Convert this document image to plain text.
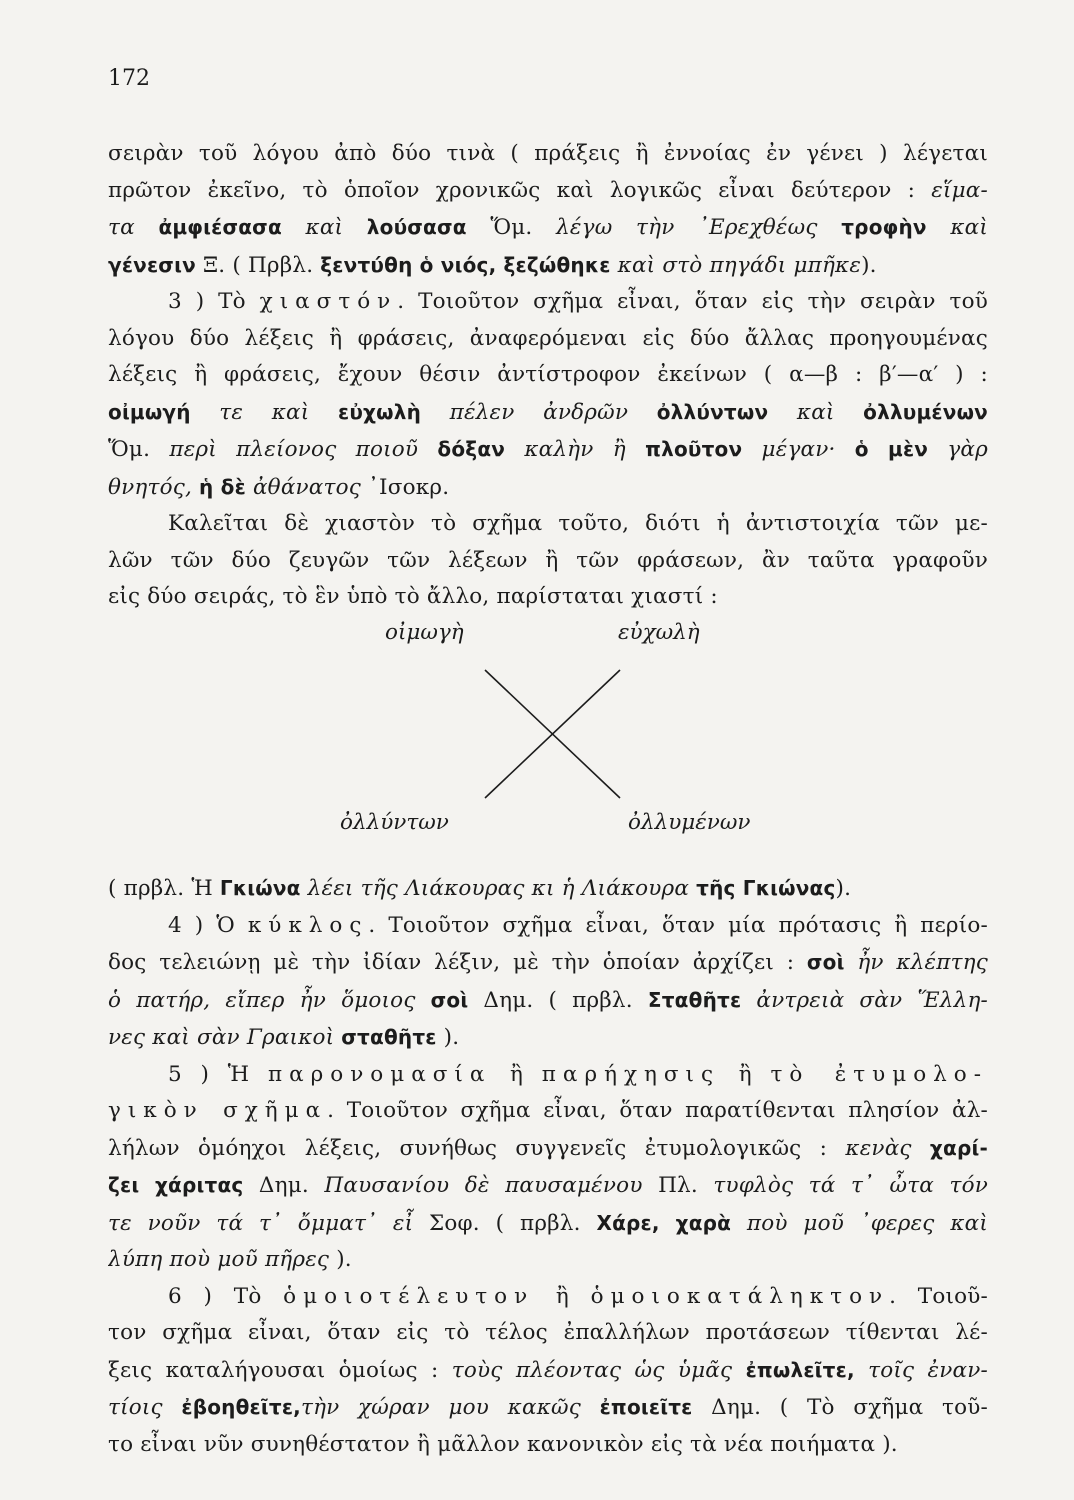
172
σειρὰν τοῦ λόγου ἀπὸ δύο τινὰ ( πράξεις ἢ ἐννοίας ἐν γένει ) λέγεται
πρῶτον ἐκεῖνο, τὸ ὁποῖον χρονικῶς καὶ λογικῶς εἶναι δεύτερον : εἵμα-
τα ἀμφιέσασα καὶ λούσασα Ὅμ. λέγω τὴν ᾿Ερεχθέως τροφὴν καὶ
γένεσιν Ξ. ( Πρβλ. ξεντύθη ὁ νιός, ξεζώθηκε καὶ στὸ πηγάδι μπῆκε).
3 ) Τὸ χιαστόν. Τοιοῦτον σχῆμα εἶναι, ὅταν εἰς τὴν σειρὰν τοῦ
λόγου δύο λέξεις ἢ φράσεις, ἀναφερόμεναι εἰς δύο ἄλλας προηγουμένας
λέξεις ἢ φράσεις, ἔχουν θέσιν ἀντίστροφον ἐκείνων ( α—β : β′—α′ ) :
οἰμωγή τε καὶ εὐχωλὴ πέλεν ἀνδρῶν ὀλλύντων καὶ ὀλλυμένων
Ὅμ. περὶ πλείονος ποιοῦ δόξαν καλὴν ἢ πλοῦτον μέγαν· ὁ μὲν γὰρ
θνητός, ἡ δὲ ἀθάνατος ᾿Ισοκρ.
Καλεῖται δὲ χιαστὸν τὸ σχῆμα τοῦτο, διότι ἡ ἀντιστοιχία τῶν με-
λῶν τῶν δύο ζευγῶν τῶν λέξεων ἢ τῶν φράσεων, ἂν ταῦτα γραφοῦν
εἰς δύο σειράς, τὸ ἓν ὑπὸ τὸ ἄλλο, παρίσταται χιαστί :
οἰμωγὴ	εὐχωλὴ
ὀλλύντων	ὀλλυμένων
( πρβλ. Ἡ Γκιώνα λέει τῆς Λιάκουρας κι ἡ Λιάκουρα τῆς Γκιώνας).
4 ) Ὁ κύκλος. Τοιοῦτον σχῆμα εἶναι, ὅταν μία πρότασις ἢ περίο-
δος τελειώνῃ μὲ τὴν ἰδίαν λέξιν, μὲ τὴν ὁποίαν ἀρχίζει : σοὶ ἦν κλέπτης
ὁ πατήρ, εἴπερ ἦν ὅμοιος σοὶ Δημ. ( πρβλ. Σταθῆτε ἀντρειὰ σὰν Ἕλλη-
νες καὶ σὰν Γραικοὶ σταθῆτε ).
5 ) Ἡ παρονομασία ἢ παρήχησις ἢ τὸ ἐτυμολο-
γικὸν σχῆμα. Τοιοῦτον σχῆμα εἶναι, ὅταν παρατίθενται πλησίον ἀλ-
λήλων ὁμόηχοι λέξεις, συνήθως συγγενεῖς ἐτυμολογικῶς : κενὰς χαρί-
ζει χάριτας Δημ. Παυσανίου δὲ παυσαμένου Πλ. τυφλὸς τά τ᾿ ὦτα τόν
τε νοῦν τά τ᾿ ὄμματ᾿ εἶ Σοφ. ( πρβλ. Χάρε, χαρὰ ποὺ μοῦ ᾿φερες καὶ
λύπη ποὺ μοῦ πῆρες ).
6 ) Τὸ ὁμοιοτέλευτον ἢ ὁμοιοκατάληκτον. Τοιοῦ-
τον σχῆμα εἶναι, ὅταν εἰς τὸ τέλος ἐπαλλήλων προτάσεων τίθενται λέ-
ξεις καταλήγουσαι ὁμοίως : τοὺς πλέοντας ὡς ὑμᾶς ἐπωλεῖτε, τοῖς ἐναν-
τίοις ἐβοηθεῖτε,τὴν χώραν μου κακῶς ἐποιεῖτε Δημ. ( Τὸ σχῆμα τοῦ-
το εἶναι νῦν συνηθέστατον ἢ μᾶλλον κανονικὸν εἰς τὰ νέα ποιήματα ).
